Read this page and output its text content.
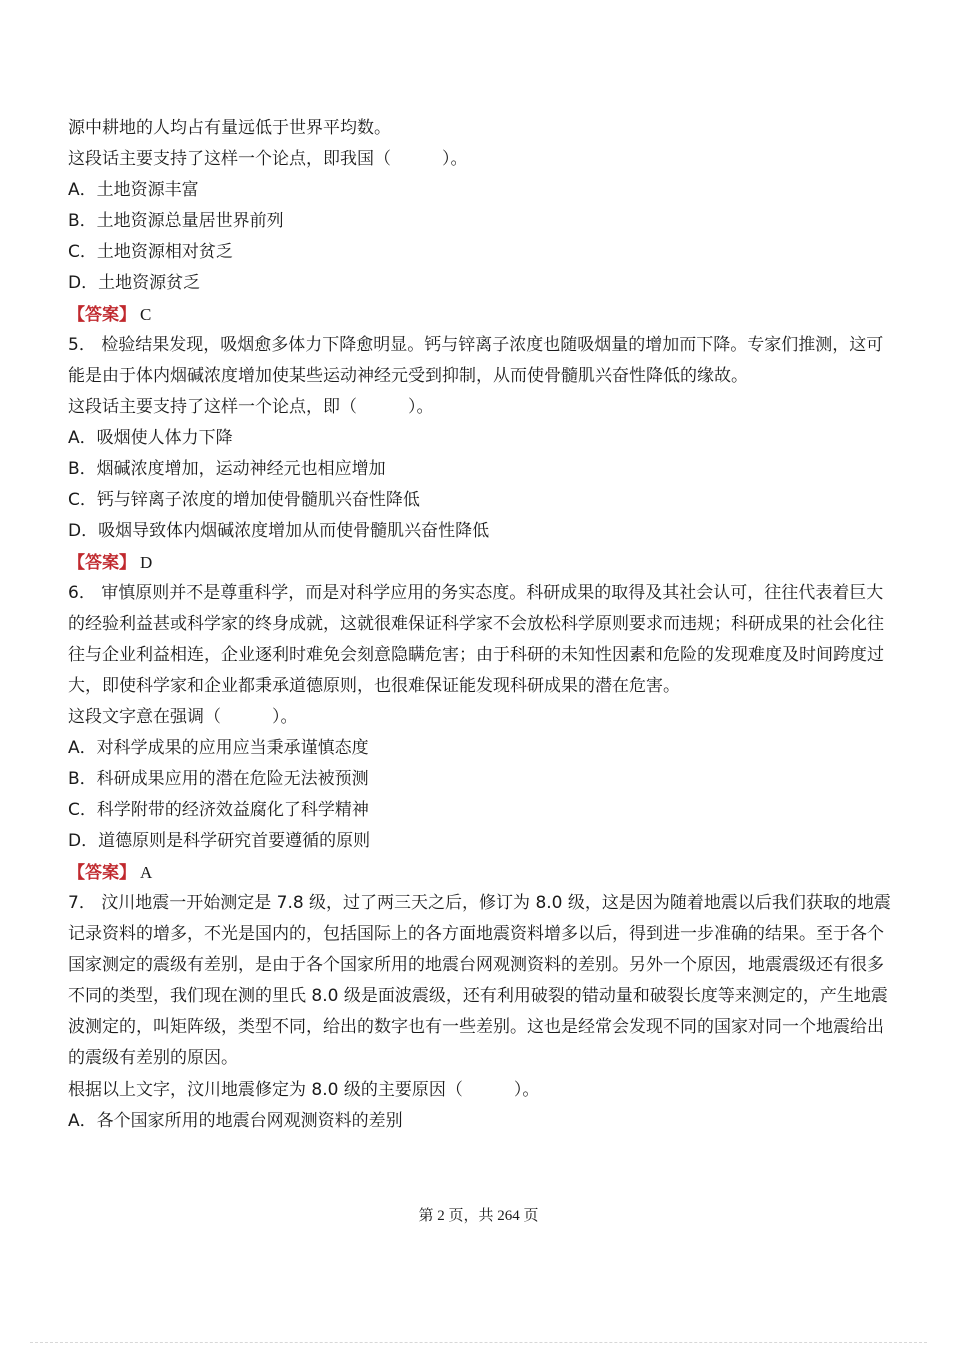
源中耕地的人均占有量远低于世界平均数。
这段话主要支持了这样一个论点，即我国（　　　）。
A．土地资源丰富
B．土地资源总量居世界前列
C．土地资源相对贫乏
D．土地资源贫乏
【答案】 C
5． 检验结果发现，吸烟愈多体力下降愈明显。钙与锌离子浓度也随吸烟量的增加而下降。专家们推测，这可
能是由于体内烟碱浓度增加使某些运动神经元受到抑制，从而使骨髓肌兴奋性降低的缘故。
这段话主要支持了这样一个论点，即（　　　）。
A．吸烟使人体力下降
B．烟碱浓度增加，运动神经元也相应增加
C．钙与锌离子浓度的增加使骨髓肌兴奋性降低
D．吸烟导致体内烟碱浓度增加从而使骨髓肌兴奋性降低
【答案】 D
6． 审慎原则并不是尊重科学，而是对科学应用的务实态度。科研成果的取得及其社会认可，往往代表着巨大
的经验利益甚或科学家的终身成就，这就很难保证科学家不会放松科学原则要求而违规；科研成果的社会化往
往与企业利益相连，企业逐利时难免会刻意隐瞒危害；由于科研的未知性因素和危险的发现难度及时间跨度过
大，即使科学家和企业都秉承道德原则，也很难保证能发现科研成果的潜在危害。
这段文字意在强调（　　　）。
A．对科学成果的应用应当秉承谨慎态度
B．科研成果应用的潜在危险无法被预测
C．科学附带的经济效益腐化了科学精神
D．道德原则是科学研究首要遵循的原则
【答案】 A
7． 汶川地震一开始测定是 7.8 级，过了两三天之后，修订为 8.0 级，这是因为随着地震以后我们获取的地震
记录资料的增多，不光是国内的，包括国际上的各方面地震资料增多以后，得到进一步准确的结果。至于各个
国家测定的震级有差别，是由于各个国家所用的地震台网观测资料的差别。另外一个原因，地震震级还有很多
不同的类型，我们现在测的里氏 8.0 级是面波震级，还有利用破裂的错动量和破裂长度等来测定的，产生地震
波测定的，叫矩阵级，类型不同，给出的数字也有一些差别。这也是经常会发现不同的国家对同一个地震给出
的震级有差别的原因。
根据以上文字，汶川地震修定为 8.0 级的主要原因（　　　）。
A．各个国家所用的地震台网观测资料的差别
第 2 页，共 264 页
